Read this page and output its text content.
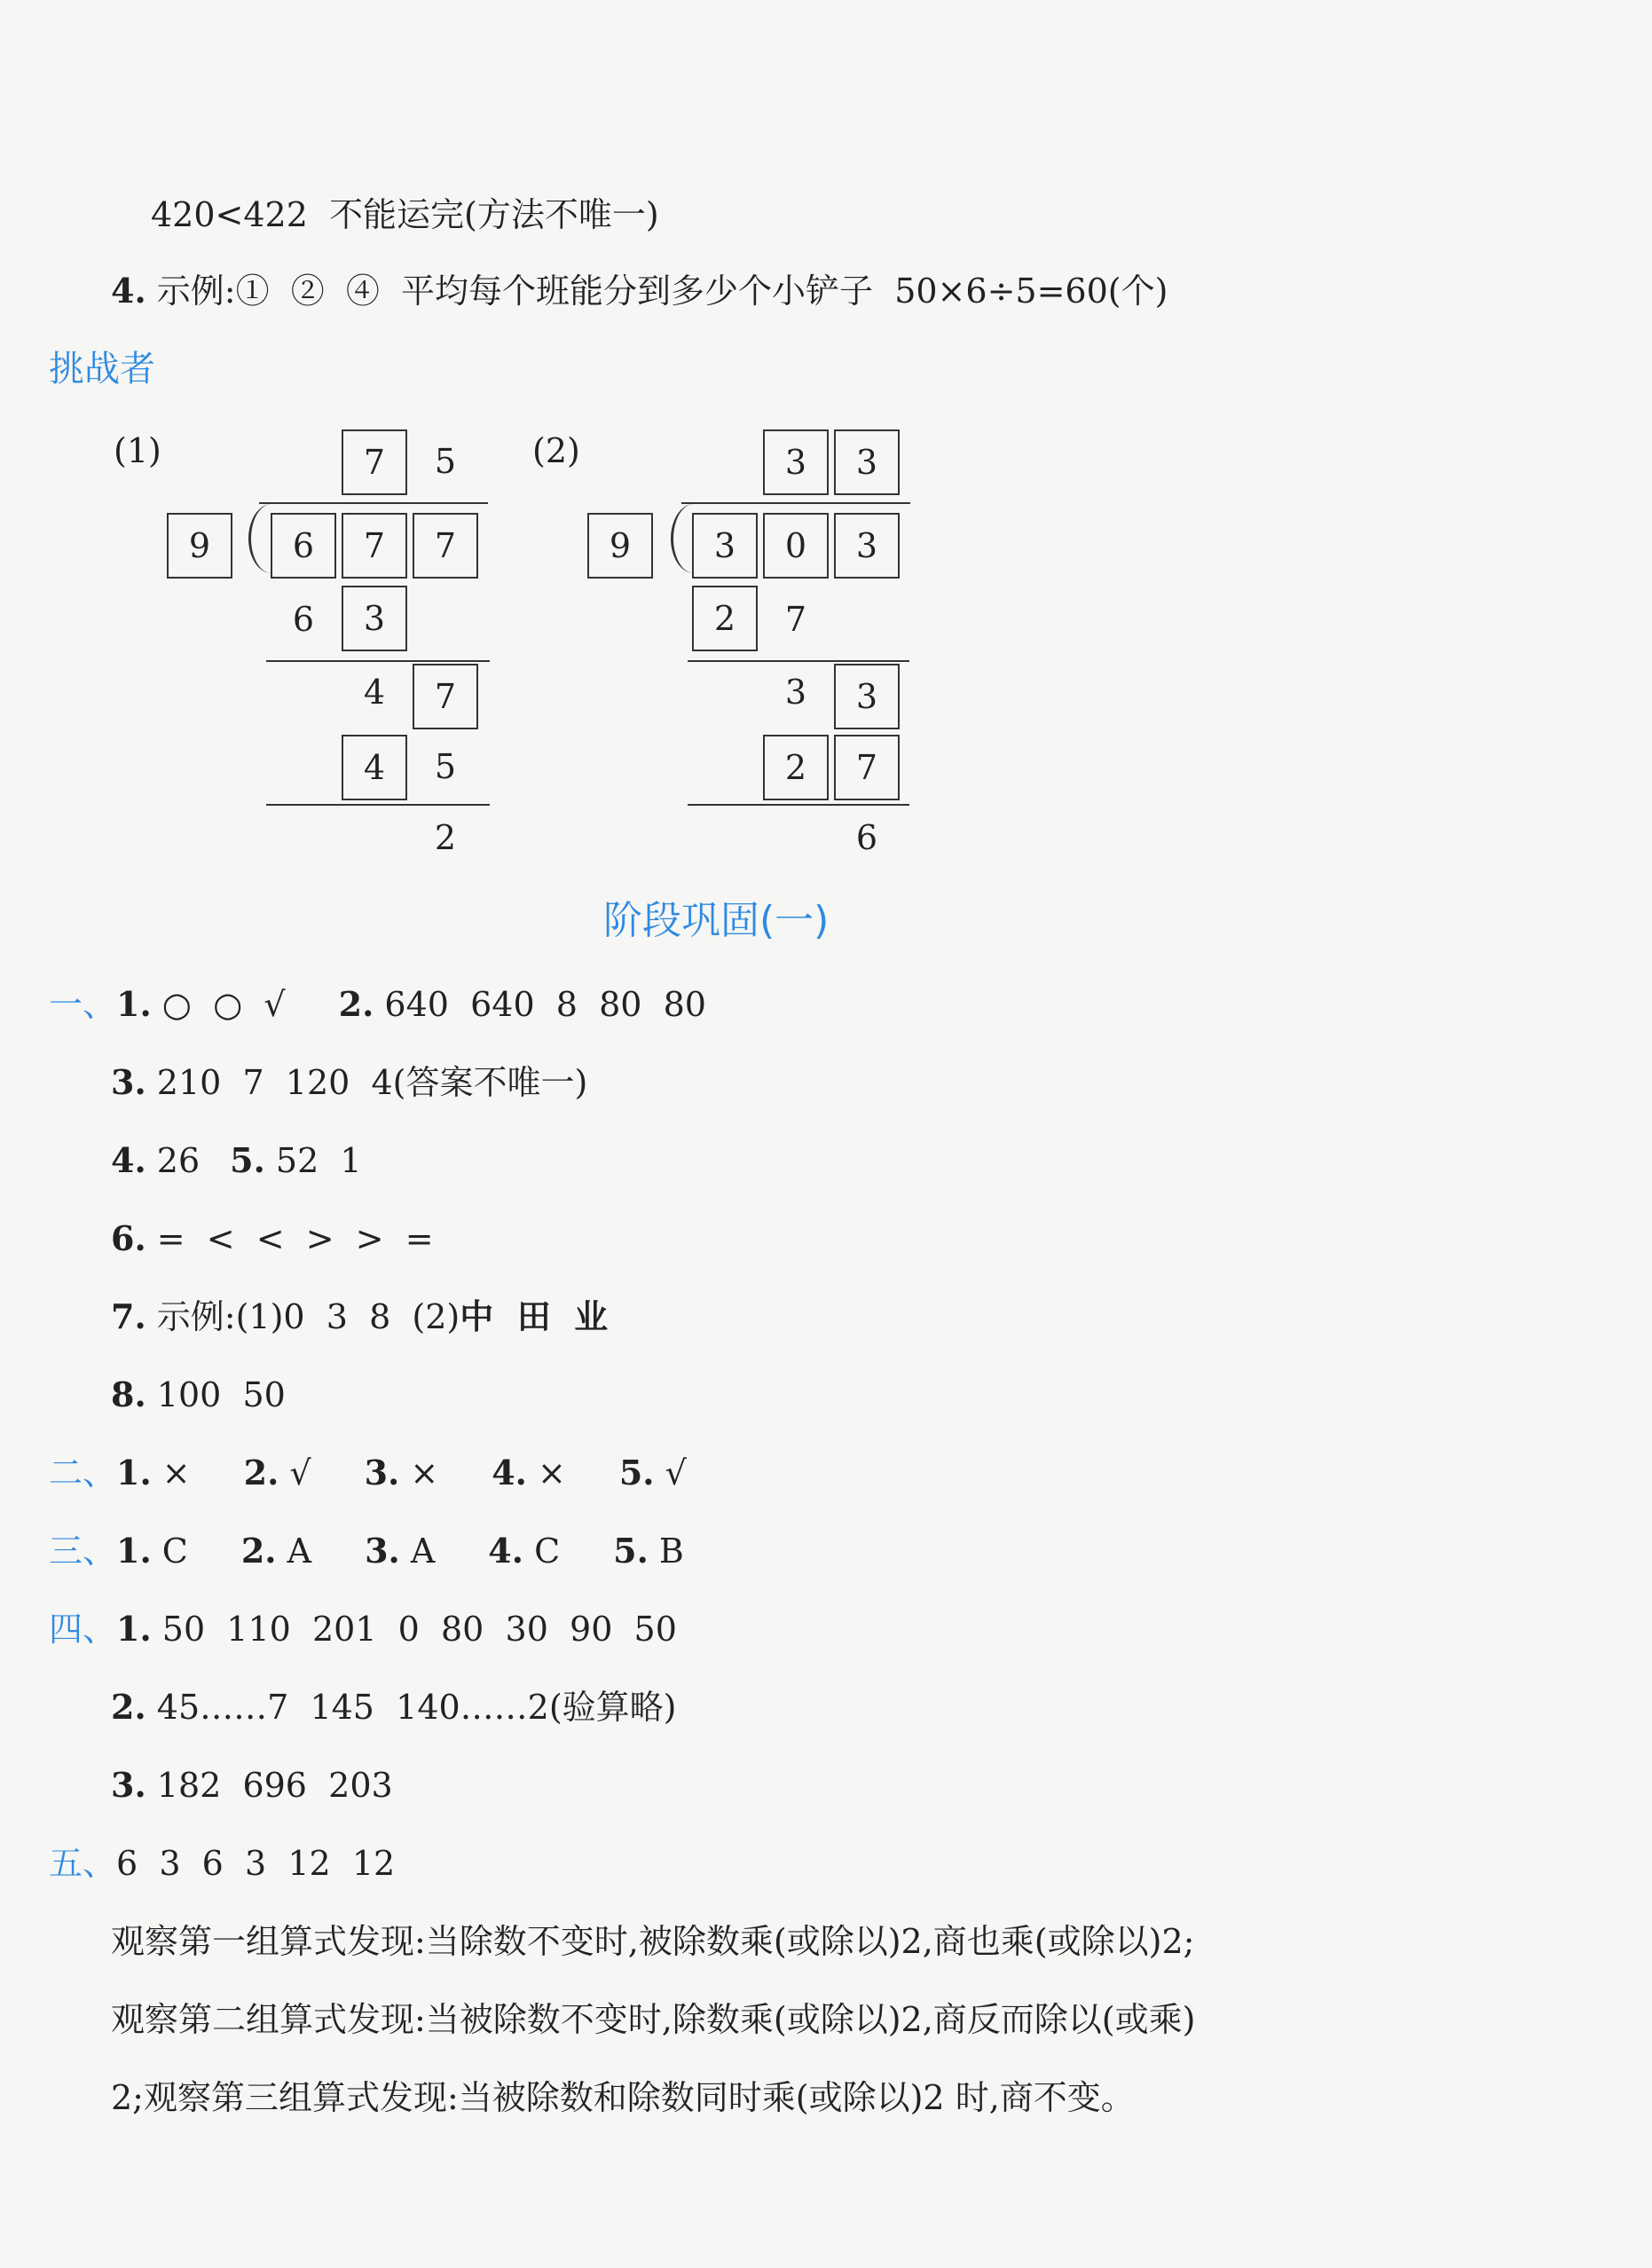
420<422  不能运完(方法不唯一)
4. 示例:①  ②  ④  平均每个班能分到多少个小铲子  50×6÷5=60(个)
挑战者
(1)	7	5
9	6	7	7
6	3
4	7
4	5
2
(2)	3	3
9	3	0	3
2	7
3	3
2	7
6
阶段巩固(一)
一、1. ○  ○  √ 2. 640  640  8  80  80
3. 210  7  120  4(答案不唯一)
4. 26 5. 52  1
6. =  <  <  >  >  =
7. 示例:(1)0  3  8  (2)中  田  业
8. 100  50
二、1. × 2. √ 3. × 4. × 5. √
三、1. C 2. A 3. A 4. C 5. B
四、1. 50  110  201  0  80  30  90  50
2. 45……7  145  140……2(验算略)
3. 182  696  203
五、6  3  6  3  12  12
观察第一组算式发现:当除数不变时,被除数乘(或除以)2,商也乘(或除以)2;
观察第二组算式发现:当被除数不变时,除数乘(或除以)2,商反而除以(或乘)
2;观察第三组算式发现:当被除数和除数同时乘(或除以)2 时,商不变。
